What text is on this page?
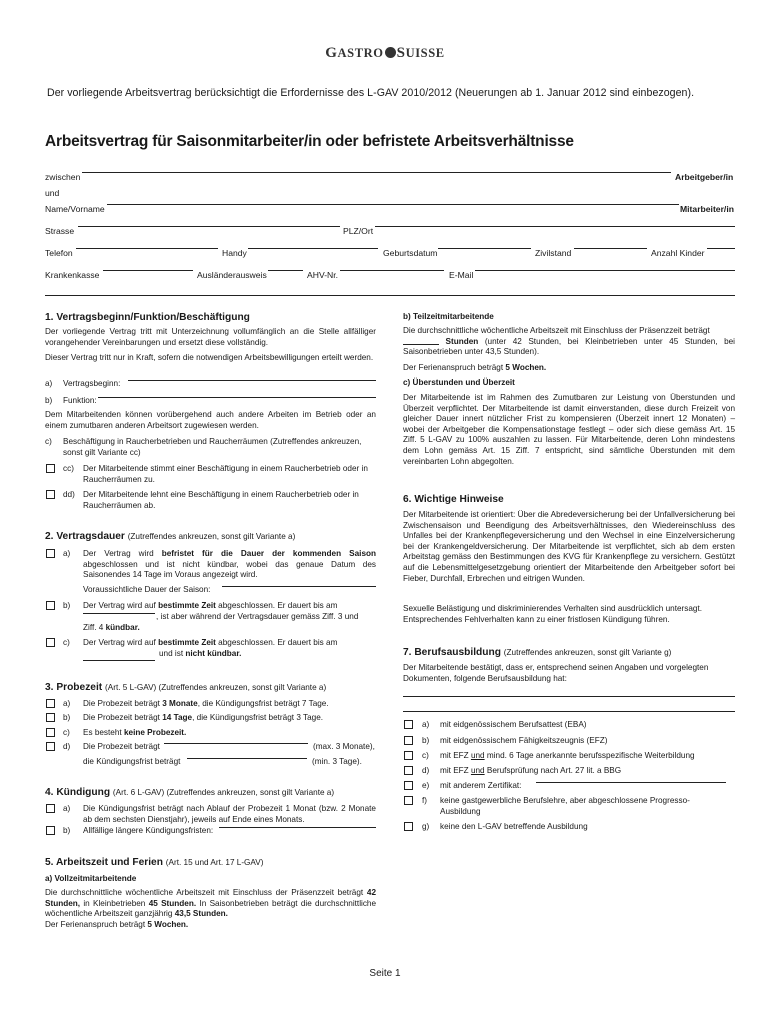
GASTRO SUISSE
Der vorliegende Arbeitsvertrag berücksichtigt die Erfordernisse des L-GAV 2010/2012 (Neuerungen ab 1. Januar 2012 sind einbezogen).
Arbeitsvertrag für Saisonmitarbeiter/in oder befristete Arbeitsverhältnisse
zwischen	Arbeitgeber/in
und
Name/Vorname	Mitarbeiter/in
Strasse	PLZ/Ort
Telefon	Handy	Geburtsdatum	Zivilstand	Anzahl Kinder
Krankenkasse	Ausländerausweis	AHV-Nr.	E-Mail
1. Vertragsbeginn/Funktion/Beschäftigung
Der vorliegende Vertrag tritt mit Unterzeichnung vollumfänglich an die Stelle allfälliger vorangehender Vereinbarungen und ersetzt diese vollständig.
Dieser Vertrag tritt nur in Kraft, sofern die notwendigen Arbeitsbewilligungen erteilt werden.
a) Vertragsbeginn:
b) Funktion:
Dem Mitarbeitenden können vorübergehend auch andere Arbeiten im Betrieb oder an einem zumutbaren anderen Arbeitsort zugewiesen werden.
c) Beschäftigung in Raucherbetrieben und Raucherräumen (Zutreffendes ankreuzen, sonst gilt Variante cc)
cc) Der Mitarbeitende stimmt einer Beschäftigung in einem Raucherbetrieb oder in Raucherräumen zu.
dd) Der Mitarbeitende lehnt eine Beschäftigung in einem Raucherbetrieb oder in Raucherräumen ab.
2. Vertragsdauer (Zutreffendes ankreuzen, sonst gilt Variante a)
a) Der Vertrag wird befristet für die Dauer der kommenden Saison abgeschlossen und ist nicht kündbar, wobei das genaue Datum des Saisonendes 14 Tage im Voraus angezeigt wird.
Voraussichtliche Dauer der Saison:
b) Der Vertrag wird auf bestimmte Zeit abgeschlossen. Er dauert bis am
, ist aber während der Vertragsdauer gemäss Ziff. 3 und
Ziff. 4 kündbar.
c) Der Vertrag wird auf bestimmte Zeit abgeschlossen. Er dauert bis am
und ist nicht kündbar.
3. Probezeit (Art. 5 L-GAV) (Zutreffendes ankreuzen, sonst gilt Variante a)
a) Die Probezeit beträgt 3 Monate, die Kündigungsfrist beträgt 7 Tage.
b) Die Probezeit beträgt 14 Tage, die Kündigungsfrist beträgt 3 Tage.
c) Es besteht keine Probezeit.
d) Die Probezeit beträgt	(max. 3 Monate),
die Kündigungsfrist beträgt	(min. 3 Tage).
4. Kündigung (Art. 6 L-GAV) (Zutreffendes ankreuzen, sonst gilt Variante a)
a) Die Kündigungsfrist beträgt nach Ablauf der Probezeit 1 Monat (bzw. 2 Monate ab dem sechsten Dienstjahr), jeweils auf Ende eines Monats.
b) Allfällige längere Kündigungsfristen:
5. Arbeitszeit und Ferien (Art. 15 und Art. 17 L-GAV)
a) Vollzeitmitarbeitende
Die durchschnittliche wöchentliche Arbeitszeit mit Einschluss der Präsenzzeit beträgt 42 Stunden, in Kleinbetrieben 45 Stunden. In Saisonbetrieben beträgt die durchschnittliche wöchentliche Arbeitszeit ganzjährig 43,5 Stunden.
Der Ferienanspruch beträgt 5 Wochen.
b) Teilzeitmitarbeitende
Die durchschnittliche wöchentliche Arbeitszeit mit Einschluss der Präsenzzeit beträgt
Stunden (unter 42 Stunden, bei Kleinbetrieben unter 45 Stunden, bei Saisonbetrieben unter 43,5 Stunden).
Der Ferienanspruch beträgt 5 Wochen.
c) Überstunden und Überzeit
Der Mitarbeitende ist im Rahmen des Zumutbaren zur Leistung von Überstunden und Überzeit verpflichtet. Der Mitarbeitende ist damit einverstanden, diese durch Freizeit von gleicher Dauer innert nützlicher Frist zu kompensieren (Überzeit innert 12 Monaten) – wobei der Arbeitgeber die Kompensationstage festlegt – oder sich diese gemäss Art. 15 Ziff. 5 L-GAV zu 100% auszahlen zu lassen. Für Mitarbeitende, deren Lohn mindestens dem Lohn gemäss Art. 15 Ziff. 7 entspricht, sind sämtliche Überstunden mit dem vereinbarten Lohn abgegolten.
6. Wichtige Hinweise
Der Mitarbeitende ist orientiert: Über die Abredeversicherung bei der Unfallversicherung bei Zwischensaison und Beendigung des Arbeitsverhältnisses, den Wiedereinschluss des Unfalles bei der Krankenpflegeversicherung und den Wechsel in eine Einzelversicherung bei der Krankengeldversicherung. Der Mitarbeitende ist verpflichtet, sich ab dem ersten Arbeitstag gemäss den Bestimmungen des KVG für Krankenpflege zu versichern. Gestützt auf die Lebensmittelgesetzgebung orientiert der Mitarbeitende den Arbeitgeber sofort bei Fieber, Durchfall, Erbrechen und eitrigen Wunden.
Sexuelle Belästigung und diskriminierendes Verhalten sind ausdrücklich untersagt. Entsprechendes Fehlverhalten kann zu einer fristlosen Kündigung führen.
7. Berufsausbildung (Zutreffendes ankreuzen, sonst gilt Variante g)
Der Mitarbeitende bestätigt, dass er, entsprechend seinen Angaben und vorgelegten Dokumenten, folgende Berufsausbildung hat:
a) mit eidgenössischem Berufsattest (EBA)
b) mit eidgenössischem Fähigkeitszeugnis (EFZ)
c) mit EFZ und mind. 6 Tage anerkannte berufsspezifische Weiterbildung
d) mit EFZ und Berufsprüfung nach Art. 27 lit. a BBG
e) mit anderem Zertifikat:
f) keine gastgewerbliche Berufslehre, aber abgeschlossene Progresso-Ausbildung
g) keine den L-GAV betreffende Ausbildung
Seite 1
